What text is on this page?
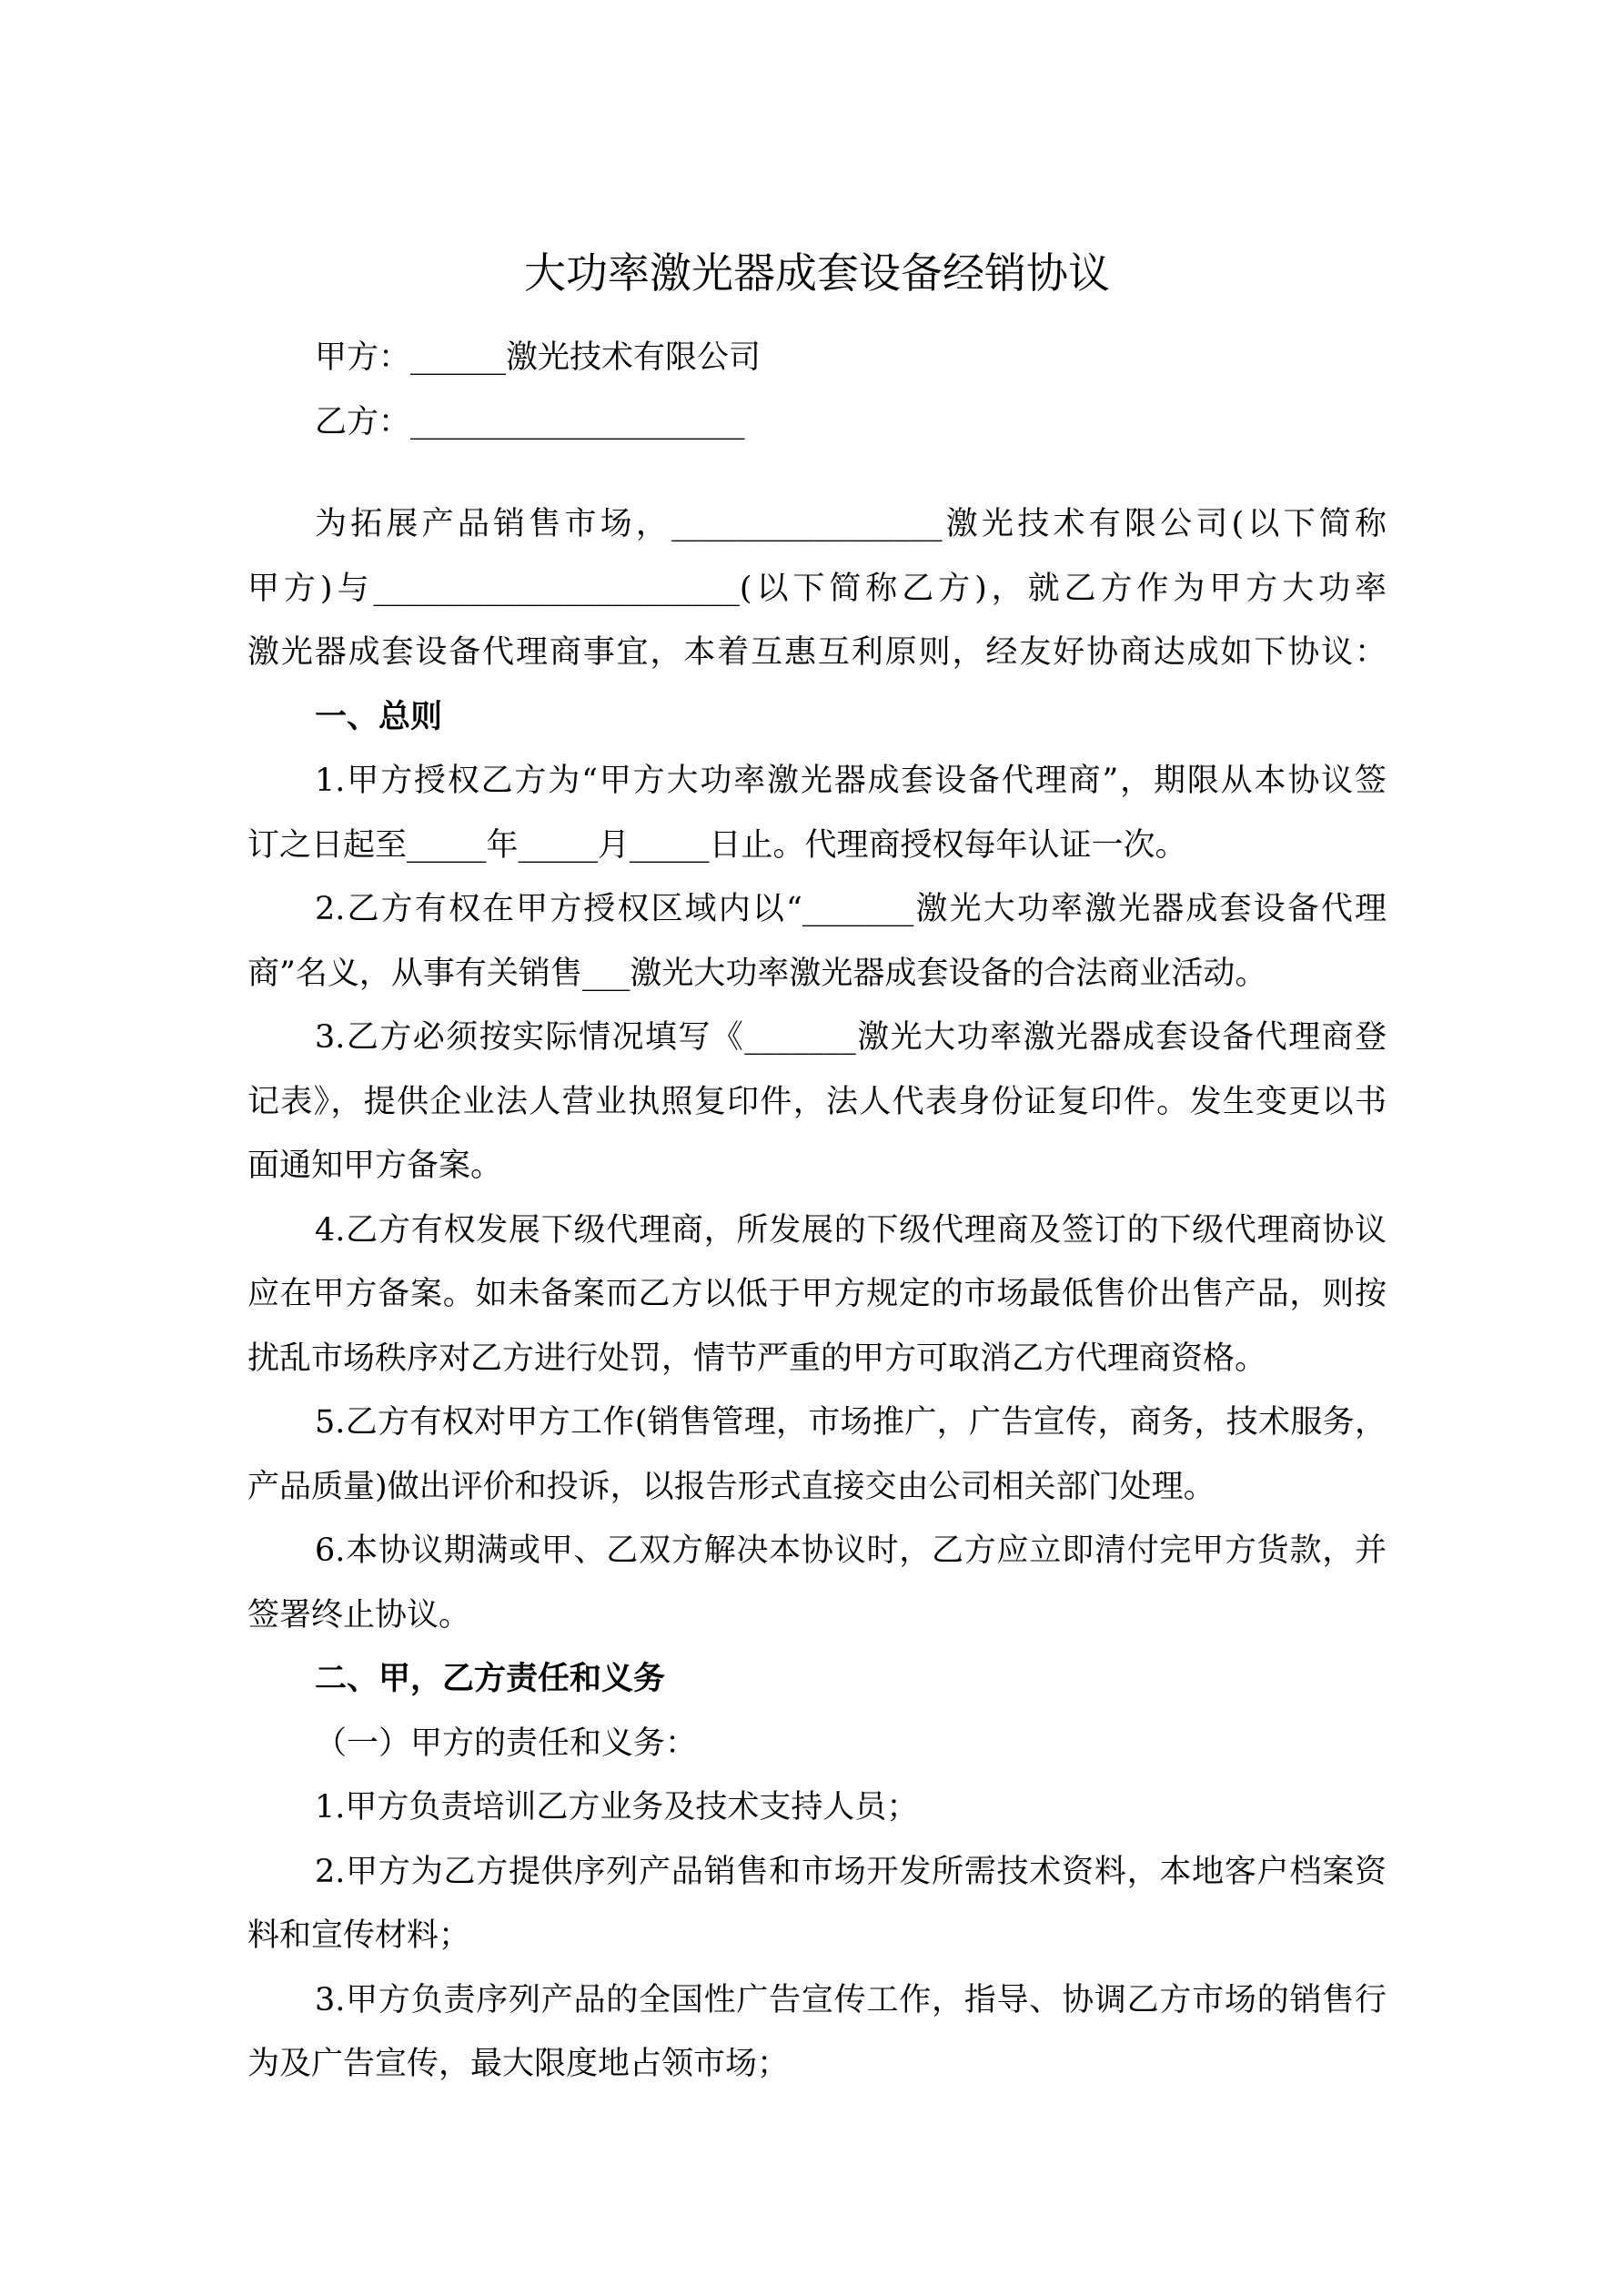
大功率激光器成套设备经销协议
甲方：______激光技术有限公司
乙方：_____________________
为拓展产品销售市场，_________________激光技术有限公司(以下简称
甲方)与_______________________(以下简称乙方)，就乙方作为甲方大功率
激光器成套设备代理商事宜，本着互惠互利原则，经友好协商达成如下协议：
一、总则
1.甲方授权乙方为“甲方大功率激光器成套设备代理商”，期限从本协议签
订之日起至_____年_____月_____日止。代理商授权每年认证一次。
2.乙方有权在甲方授权区域内以“_______激光大功率激光器成套设备代理
商”名义，从事有关销售___激光大功率激光器成套设备的合法商业活动。
3.乙方必须按实际情况填写《_______激光大功率激光器成套设备代理商登
记表》，提供企业法人营业执照复印件，法人代表身份证复印件。发生变更以书
面通知甲方备案。
4.乙方有权发展下级代理商，所发展的下级代理商及签订的下级代理商协议
应在甲方备案。如未备案而乙方以低于甲方规定的市场最低售价出售产品，则按
扰乱市场秩序对乙方进行处罚，情节严重的甲方可取消乙方代理商资格。
5.乙方有权对甲方工作(销售管理，市场推广，广告宣传，商务，技术服务，
产品质量)做出评价和投诉，以报告形式直接交由公司相关部门处理。
6.本协议期满或甲、乙双方解决本协议时，乙方应立即清付完甲方货款，并
签署终止协议。
二、甲，乙方责任和义务
（一）甲方的责任和义务：
1.甲方负责培训乙方业务及技术支持人员；
2.甲方为乙方提供序列产品销售和市场开发所需技术资料，本地客户档案资
料和宣传材料；
3.甲方负责序列产品的全国性广告宣传工作，指导、协调乙方市场的销售行
为及广告宣传，最大限度地占领市场；
